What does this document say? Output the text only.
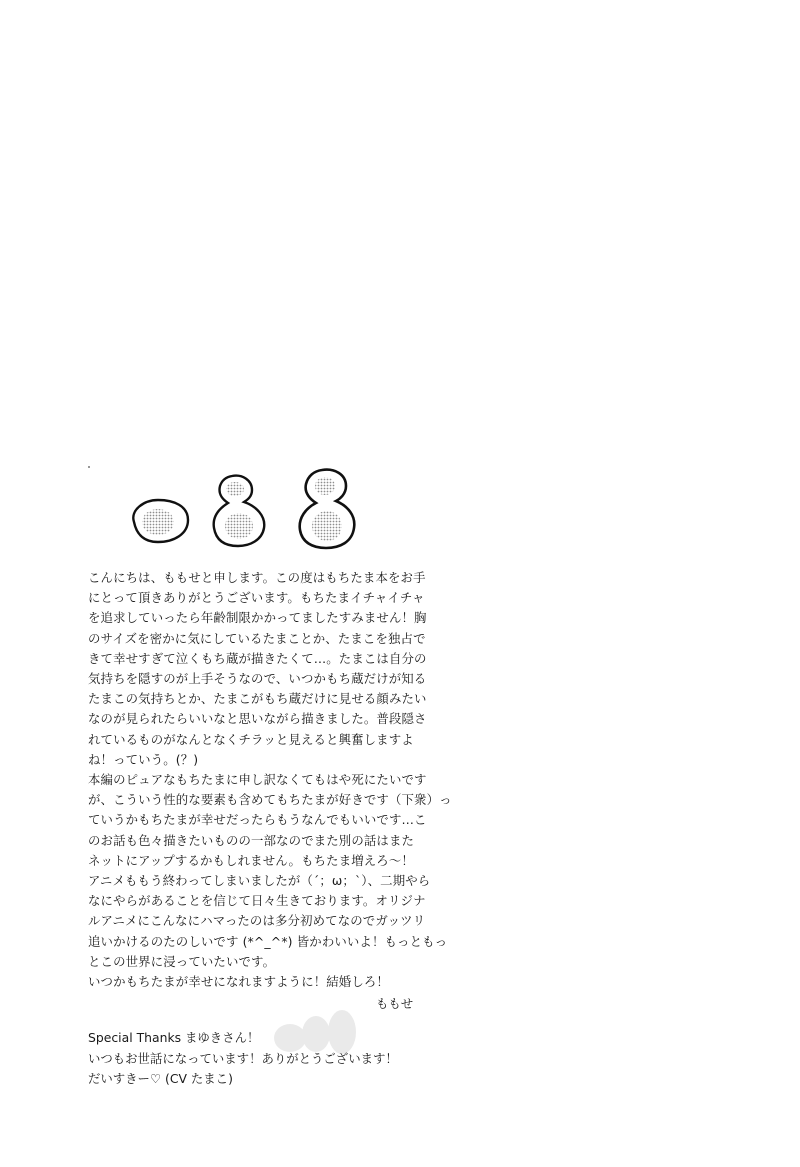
こんにちは、ももせと申します。この度はもちたま本をお手

にとって頂きありがとうございます。もちたまイチャイチャ

を追求していったら年齢制限かかってましたすみません！胸

のサイズを密かに気にしているたまことか、たまこを独占で

きて幸せすぎて泣くもち蔵が描きたくて…。たまこは自分の

気持ちを隠すのが上手そうなので、いつかもち蔵だけが知る

たまこの気持ちとか、たまこがもち蔵だけに見せる顔みたい

なのが見られたらいいなと思いながら描きました。普段隠さ

れているものがなんとなくチラッと見えると興奮しますよ

ね！っていう。(？)

本編のピュアなもちたまに申し訳なくてもはや死にたいです

が、こういう性的な要素も含めてもちたまが好きです（下衆）っ

ていうかもちたまが幸せだったらもうなんでもいいです…こ

のお話も色々描きたいものの一部なのでまた別の話はまた

ネットにアップするかもしれません。もちたま増えろ〜！

アニメももう終わってしまいましたが（´；ω；`）、二期やら

なにやらがあることを信じて日々生きております。オリジナ

ルアニメにこんなにハマったのは多分初めてなのでガッツリ

追いかけるのたのしいです (*^_^*) 皆かわいいよ！もっともっ

とこの世界に浸っていたいです。

いつかもちたまが幸せになれますように！結婚しろ！

ももせ

Special Thanks まゆきさん！

いつもお世話になっています！ありがとうございます！

だいすきー♡ (CV たまこ)
